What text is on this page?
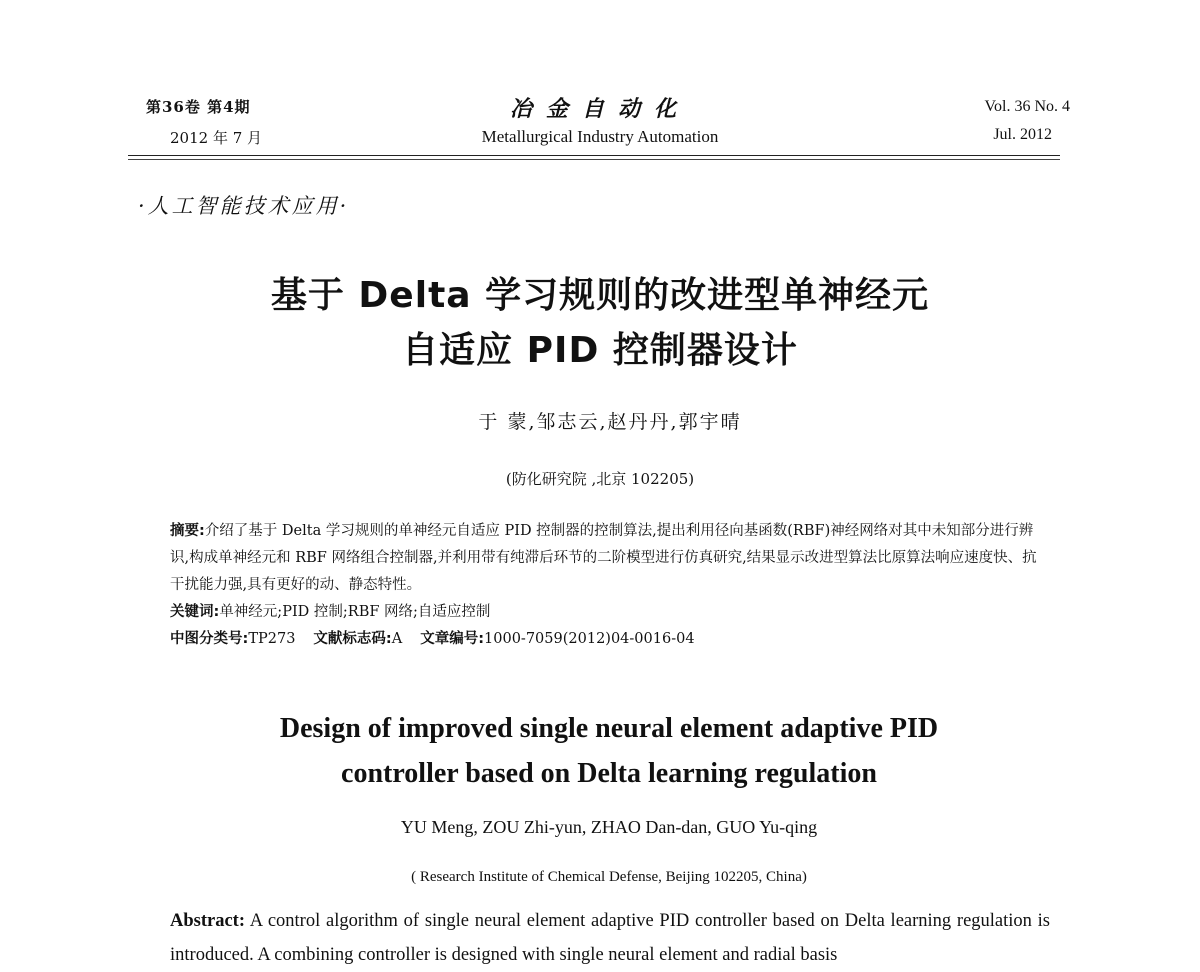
第36卷 第4期
2012 年 7 月
冶金自动化
Metallurgical Industry Automation
Vol. 36 No. 4
Jul. 2012
·人工智能技术应用·
基于 Delta 学习规则的改进型单神经元
自适应 PID 控制器设计
于 蒙,邹志云,赵丹丹,郭宇晴
(防化研究院 ,北京 102205)

摘要:介绍了基于 Delta 学习规则的单神经元自适应 PID 控制器的控制算法,提出利用径向基函数(RBF)神经网络对其中未知部分进行辨识,构成单神经元和 RBF 网络组合控制器,并利用带有纯滞后环节的二阶模型进行仿真研究,结果显示改进型算法比原算法响应速度快、抗干扰能力强,具有更好的动、静态特性。

关键词:单神经元;PID 控制;RBF 网络;自适应控制

中图分类号:TP273 文献标志码:A 文章编号:1000-7059(2012)04-0016-04

Design of improved single neural element adaptive PID
controller based on Delta learning regulation
YU Meng, ZOU Zhi-yun, ZHAO Dan-dan, GUO Yu-qing
( Research Institute of Chemical Defense, Beijing 102205, China)
Abstract: A control algorithm of single neural element adaptive PID controller based on Delta learning regulation is introduced. A combining controller is designed with single neural element and radial basis
